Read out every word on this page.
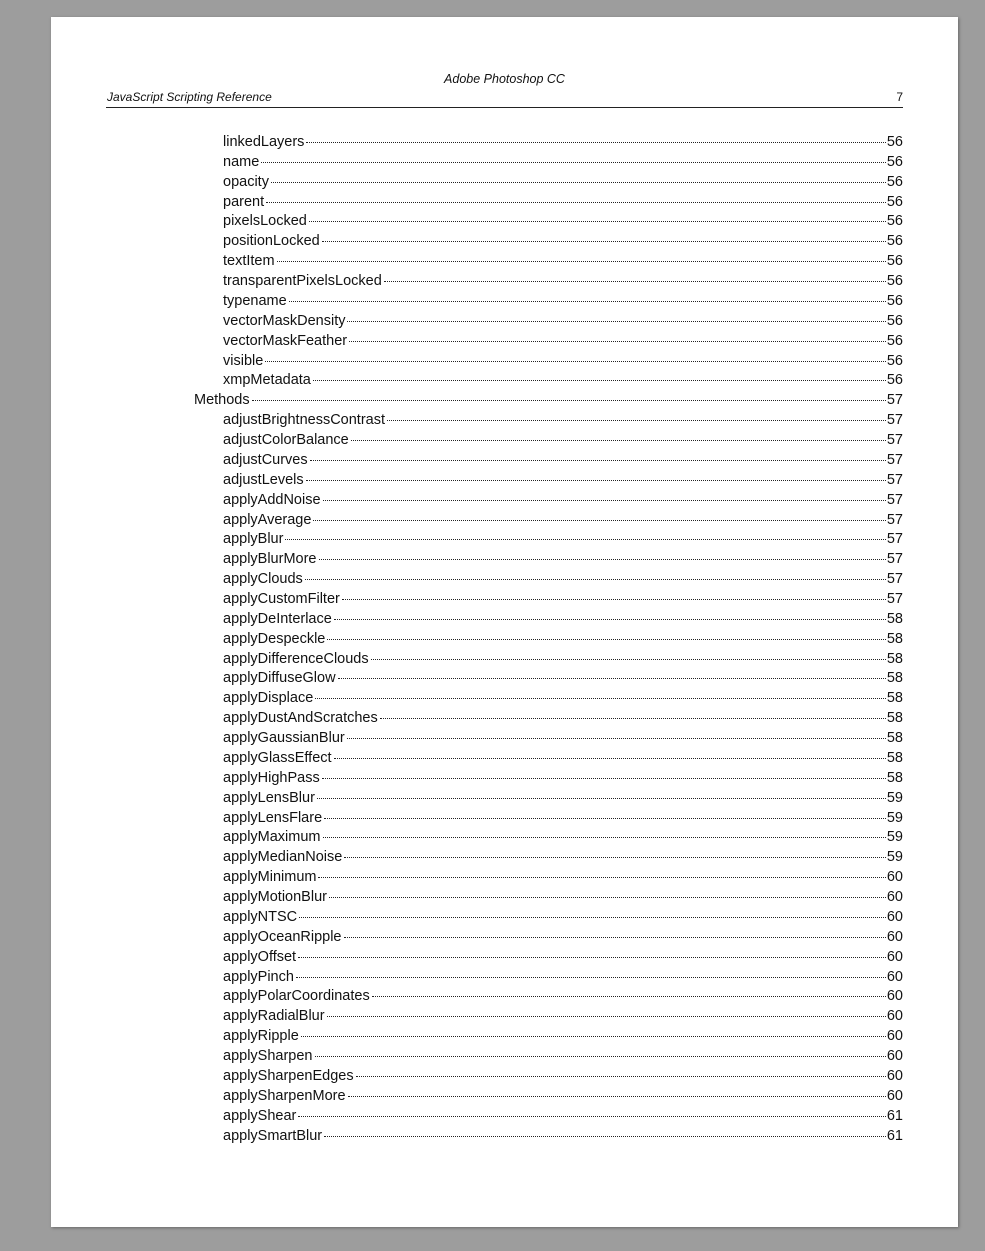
Adobe Photoshop CC
JavaScript Scripting Reference	7
linkedLayers	56
name	56
opacity	56
parent	56
pixelsLocked	56
positionLocked	56
textItem	56
transparentPixelsLocked	56
typename	56
vectorMaskDensity	56
vectorMaskFeather	56
visible	56
xmpMetadata	56
Methods	57
adjustBrightnessContrast	57
adjustColorBalance	57
adjustCurves	57
adjustLevels	57
applyAddNoise	57
applyAverage	57
applyBlur	57
applyBlurMore	57
applyClouds	57
applyCustomFilter	57
applyDeInterlace	58
applyDespeckle	58
applyDifferenceClouds	58
applyDiffuseGlow	58
applyDisplace	58
applyDustAndScratches	58
applyGaussianBlur	58
applyGlassEffect	58
applyHighPass	58
applyLensBlur	59
applyLensFlare	59
applyMaximum	59
applyMedianNoise	59
applyMinimum	60
applyMotionBlur	60
applyNTSC	60
applyOceanRipple	60
applyOffset	60
applyPinch	60
applyPolarCoordinates	60
applyRadialBlur	60
applyRipple	60
applySharpen	60
applySharpenEdges	60
applySharpenMore	60
applyShear	61
applySmartBlur	61
